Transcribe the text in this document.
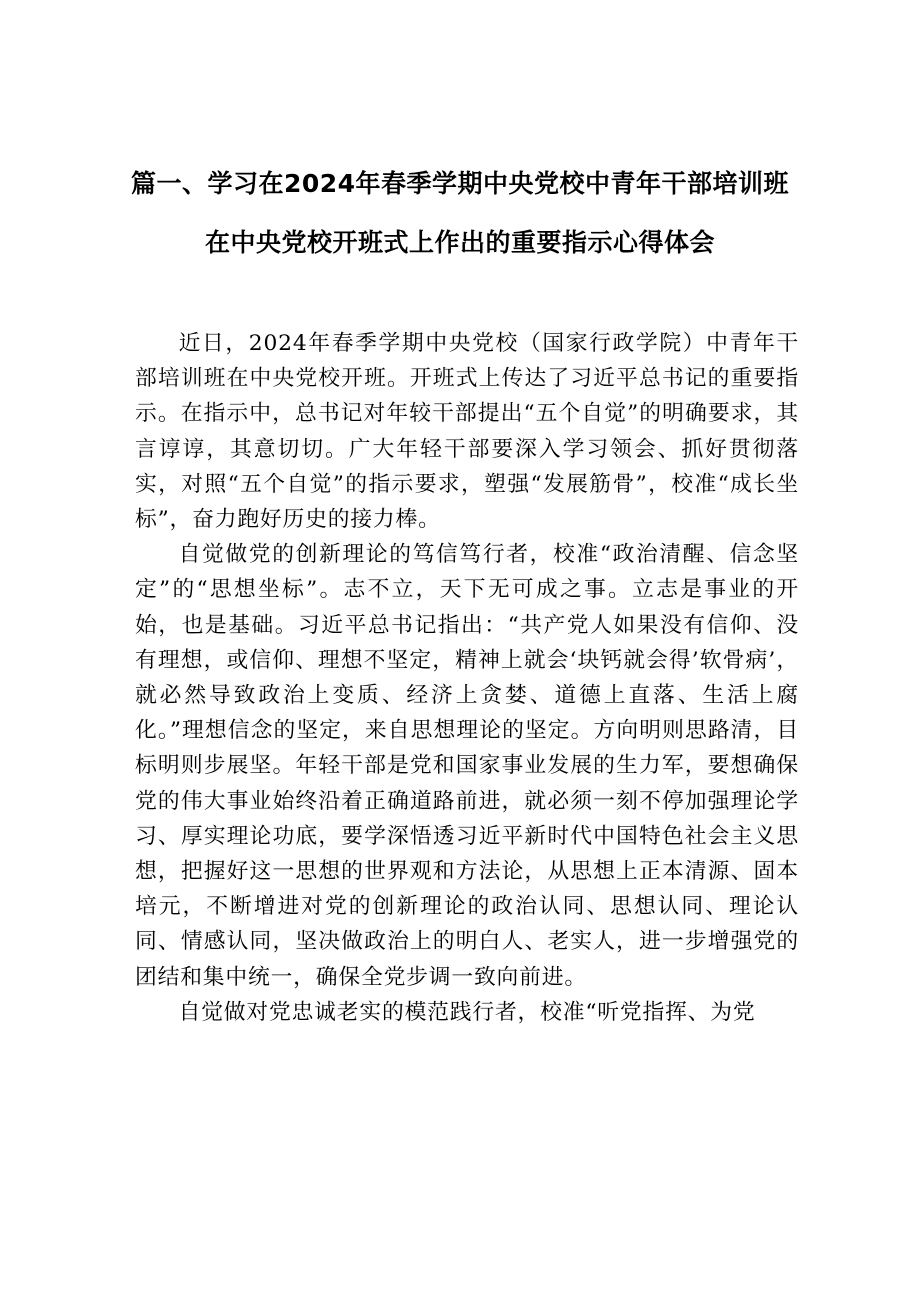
篇一、学习在2024年春季学期中央党校中青年干部培训班
在中央党校开班式上作出的重要指示心得体会

近日，2024年春季学期中央党校（国家行政学院）中青年干部培训班在中央党校开班。开班式上传达了习近平总书记的重要指示。在指示中，总书记对年较干部提出“五个自觉”的明确要求，其言谆谆，其意切切。广大年轻干部要深入学习领会、抓好贯彻落实，对照“五个自觉”的指示要求，塑强“发展筋骨”，校准“成长坐标”，奋力跑好历史的接力棒。

自觉做党的创新理论的笃信笃行者，校准“政治清醒、信念坚定”的“思想坐标”。志不立，天下无可成之事。立志是事业的开始，也是基础。习近平总书记指出：“共产党人如果没有信仰、没有理想，或信仰、理想不坚定，精神上就会‘块钙就会得’软骨病’，就必然导致政治上变质、经济上贪婪、道德上直落、生活上腐化。”理想信念的坚定，来自思想理论的坚定。方向明则思路清，目标明则步展坚。年轻干部是党和国家事业发展的生力军，要想确保党的伟大事业始终沿着正确道路前进，就必须一刻不停加强理论学习、厚实理论功底，要学深悟透习近平新时代中国特色社会主义思想，把握好这一思想的世界观和方法论，从思想上正本清源、固本培元，不断增进对党的创新理论的政治认同、思想认同、理论认同、情感认同，坚决做政治上的明白人、老实人，进一步增强党的团结和集中统一，确保全党步调一致向前进。

自觉做对党忠诚老实的模范践行者，校准“听党指挥、为党
